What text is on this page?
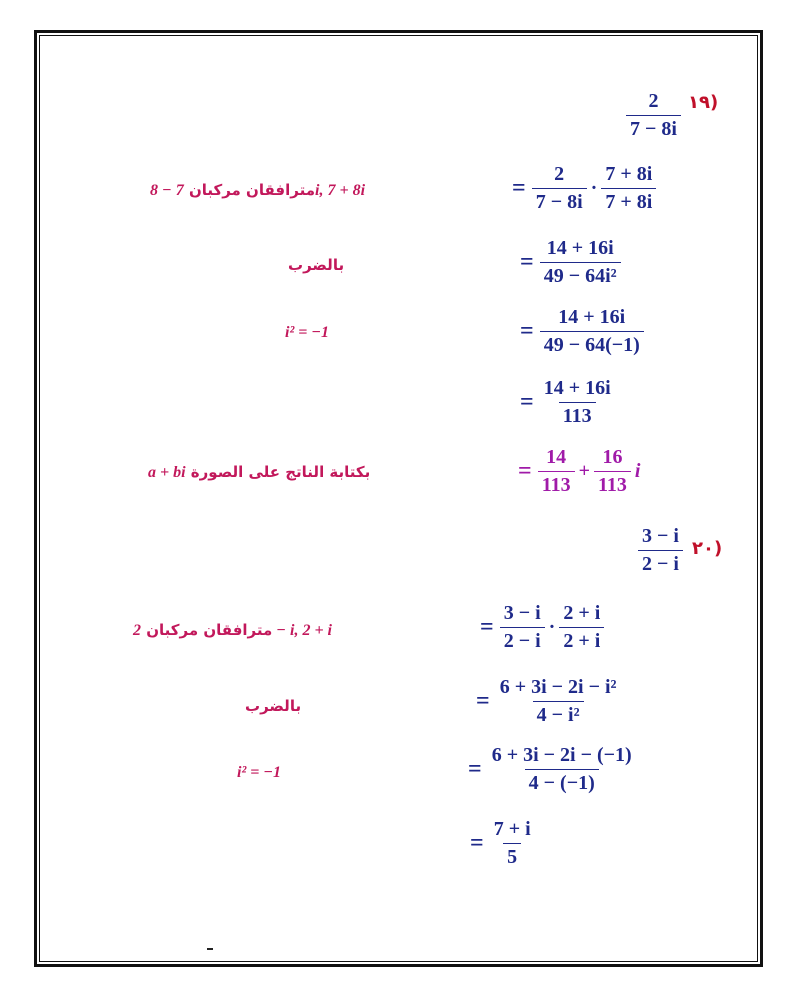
١٩)
$\frac{2}{7 - 8i}$
= $\frac{2}{7 - 8i} \cdot \frac{7 + 8i}{7 + 8i}$
مترافقان مركبان 7 − 8i, 7 + 8i
= $\frac{14 + 16i}{\text{49 − 64i²}}$
بالضرب
= $\frac{14 + 16i}{49 - 64(-1)}$
i² = −1
= $\frac{14 + 16i}{113}$
= $\frac{14}{113} + \frac{16}{113}$ i
a + bi بكتابة الناتج على الصورة
٢٠)
$\frac{3 - i}{2 - i}$
= $\frac{3 - i}{2 - i} \cdot \frac{2 + i}{2 + i}$
مترافقان مركبان 2 − i, 2 + i
= $\frac{\text{6 + 3i − 2i − i²}}{\text{4 − i²}}$
بالضرب
= $\frac{6 + 3i - 2i - (-1)}{4 - (-1)}$
i² = −1
= $\frac{7 + i}{5}$
